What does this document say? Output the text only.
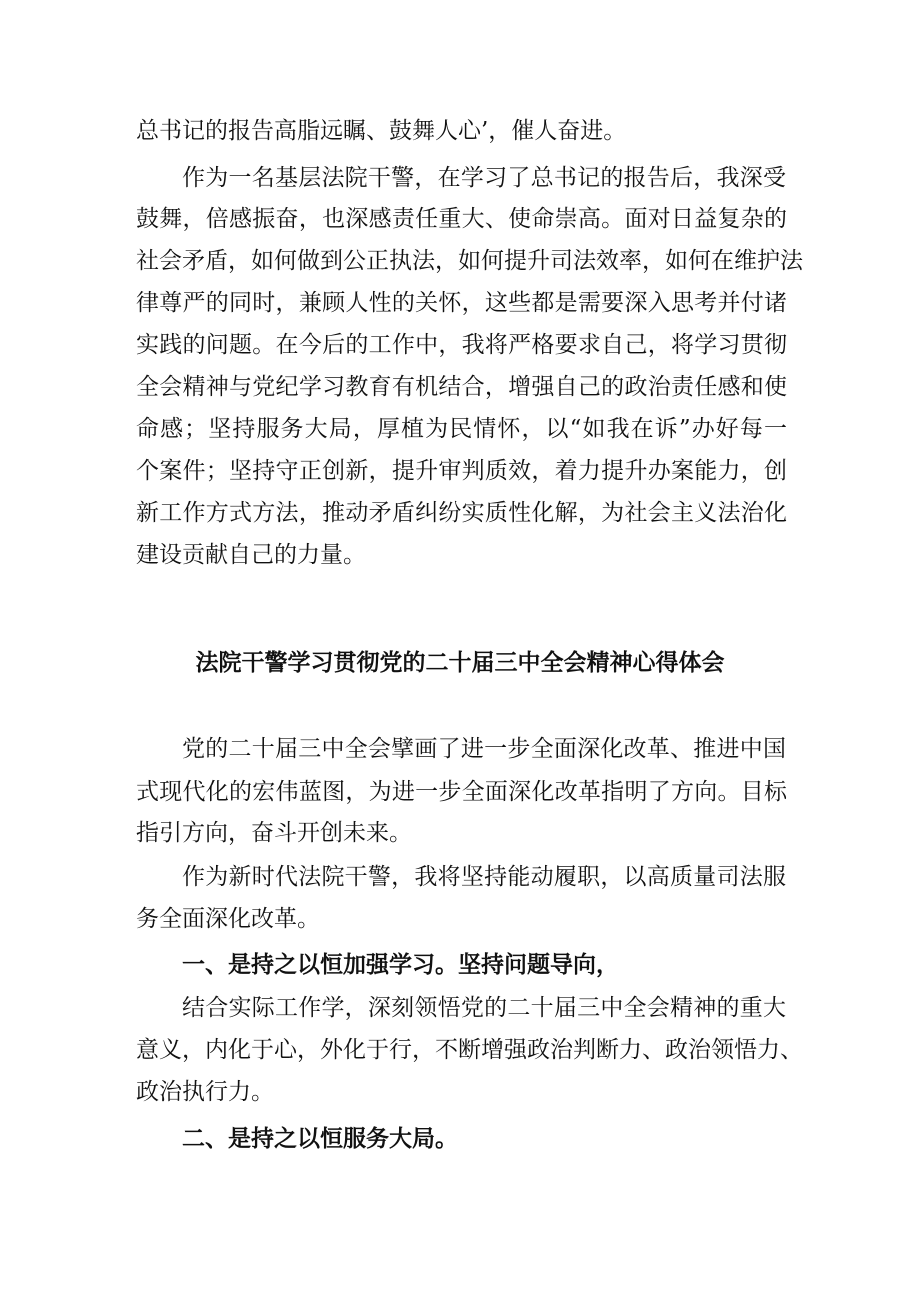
总书记的报告高脂远瞩、鼓舞人心’，催人奋进。
作为一名基层法院干警，在学习了总书记的报告后，我深受
鼓舞，倍感振奋，也深感责任重大、使命崇高。面对日益复杂的
社会矛盾，如何做到公正执法，如何提升司法效率，如何在维护法
律尊严的同时，兼顾人性的关怀，这些都是需要深入思考并付诸
实践的问题。在今后的工作中，我将严格要求自己，将学习贯彻
全会精神与党纪学习教育有机结合，增强自己的政治责任感和使
命感；坚持服务大局，厚植为民情怀，以“如我在诉”办好每一
个案件；坚持守正创新，提升审判质效，着力提升办案能力，创
新工作方式方法，推动矛盾纠纷实质性化解，为社会主义法治化
建设贡献自己的力量。
法院干警学习贯彻党的二十届三中全会精神心得体会
党的二十届三中全会擘画了进一步全面深化改革、推进中国
式现代化的宏伟蓝图，为进一步全面深化改革指明了方向。目标
指引方向，奋斗开创未来。
作为新时代法院干警，我将坚持能动履职，以高质量司法服
务全面深化改革。
一、是持之以恒加强学习。坚持问题导向，
结合实际工作学，深刻领悟党的二十届三中全会精神的重大
意义，内化于心，外化于行，不断增强政治判断力、政治领悟力、
政治执行力。
二、是持之以恒服务大局。
